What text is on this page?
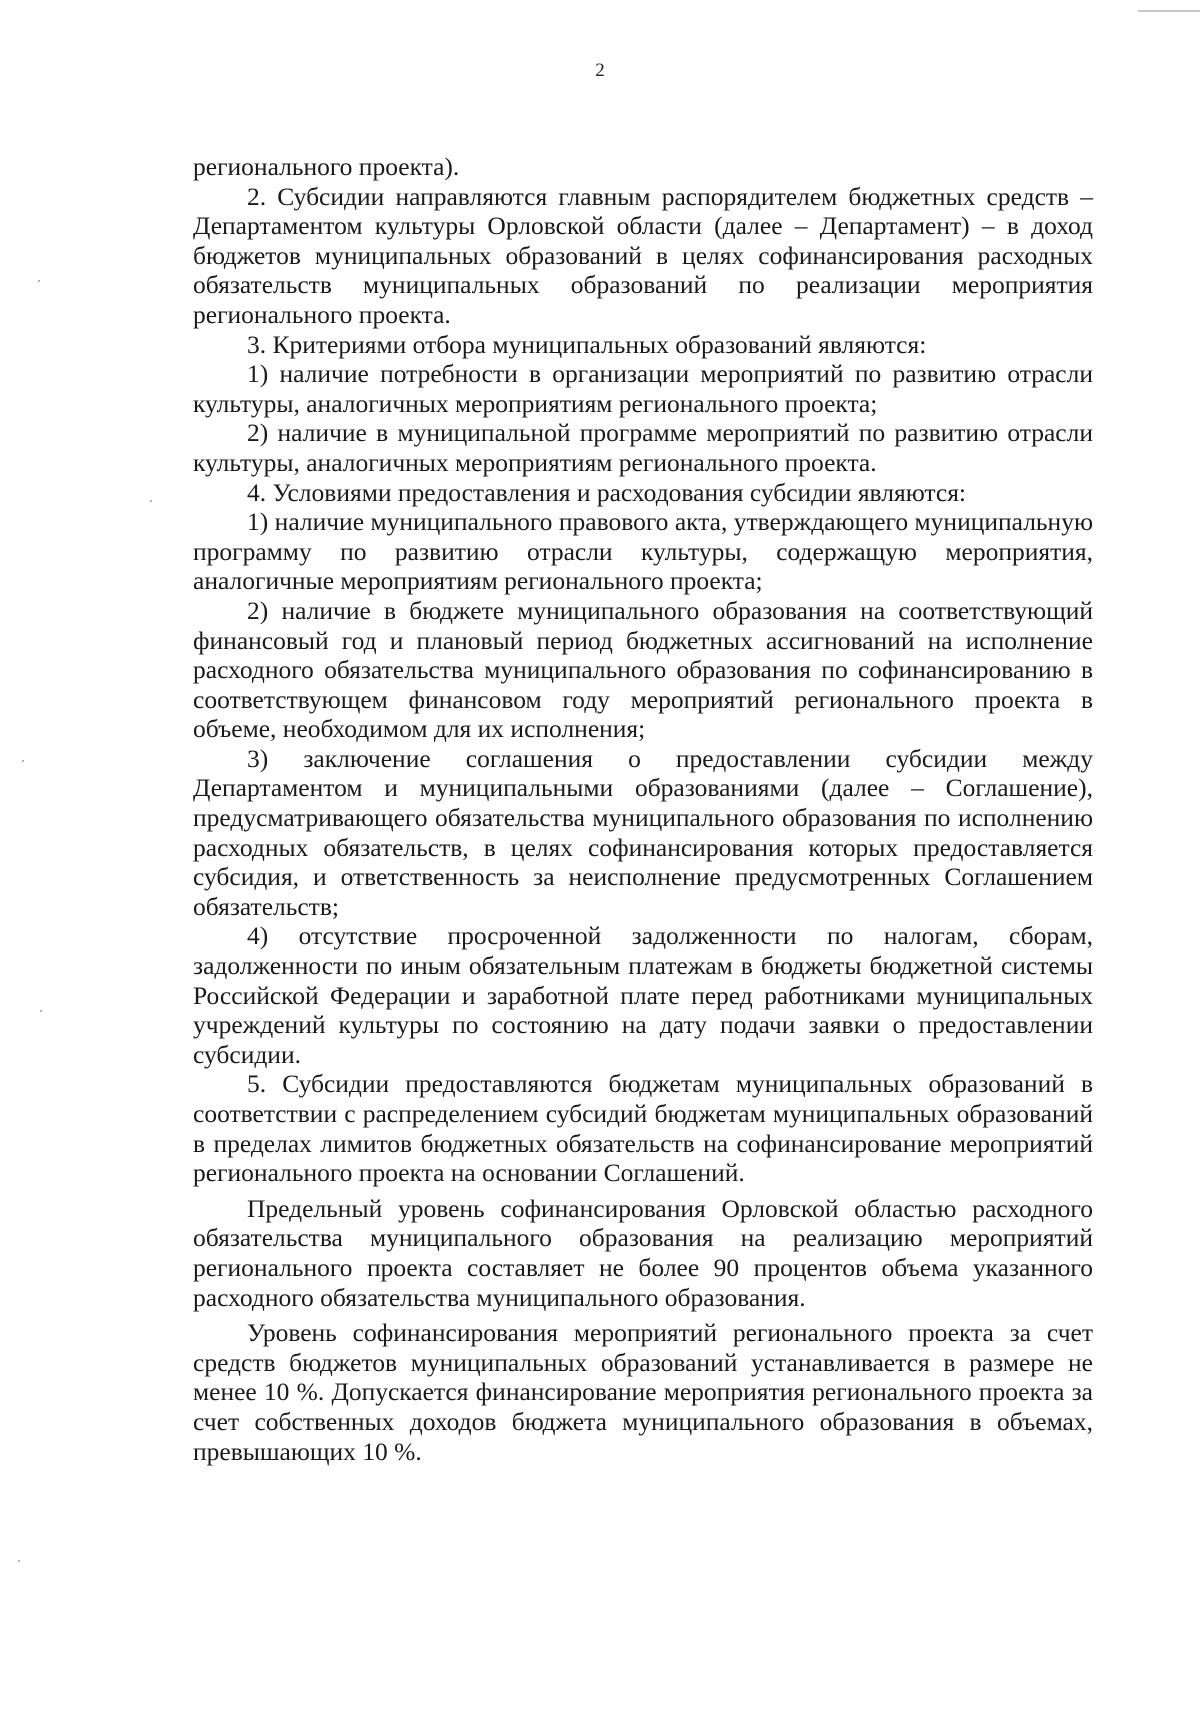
2

регионального проекта).

2. Субсидии направляются главным распорядителем бюджетных средств – Департаментом культуры Орловской области (далее – Департамент) – в доход бюджетов муниципальных образований в целях софинансирования расходных обязательств муниципальных образований по реализации мероприятия регионального проекта.

3. Критериями отбора муниципальных образований являются:

1) наличие потребности в организации мероприятий по развитию отрасли культуры, аналогичных мероприятиям регионального проекта;

2) наличие в муниципальной программе мероприятий по развитию отрасли культуры, аналогичных мероприятиям регионального проекта.

4. Условиями предоставления и расходования субсидии являются:

1) наличие муниципального правового акта, утверждающего муниципальную программу по развитию отрасли культуры, содержащую мероприятия, аналогичные мероприятиям регионального проекта;

2) наличие в бюджете муниципального образования на соответствующий финансовый год и плановый период бюджетных ассигнований на исполнение расходного обязательства муниципального образования по софинансированию в соответствующем финансовом году мероприятий регионального проекта в объеме, необходимом для их исполнения;

3) заключение соглашения о предоставлении субсидии между Департаментом и муниципальными образованиями (далее – Соглашение), предусматривающего обязательства муниципального образования по исполнению расходных обязательств, в целях софинансирования которых предоставляется субсидия, и ответственность за неисполнение предусмотренных Соглашением обязательств;

4) отсутствие просроченной задолженности по налогам, сборам, задолженности по иным обязательным платежам в бюджеты бюджетной системы Российской Федерации и заработной плате перед работниками муниципальных учреждений культуры по состоянию на дату подачи заявки о предоставлении субсидии.

5. Субсидии предоставляются бюджетам муниципальных образований в соответствии с распределением субсидий бюджетам муниципальных образований в пределах лимитов бюджетных обязательств на софинансирование мероприятий регионального проекта на основании Соглашений.

Предельный уровень софинансирования Орловской областью расходного обязательства муниципального образования на реализацию мероприятий регионального проекта составляет не более 90 процентов объема указанного расходного обязательства муниципального образования.

Уровень софинансирования мероприятий регионального проекта за счет средств бюджетов муниципальных образований устанавливается в размере не менее 10 %. Допускается финансирование мероприятия регионального проекта за счет собственных доходов бюджета муниципального образования в объемах, превышающих 10 %.
